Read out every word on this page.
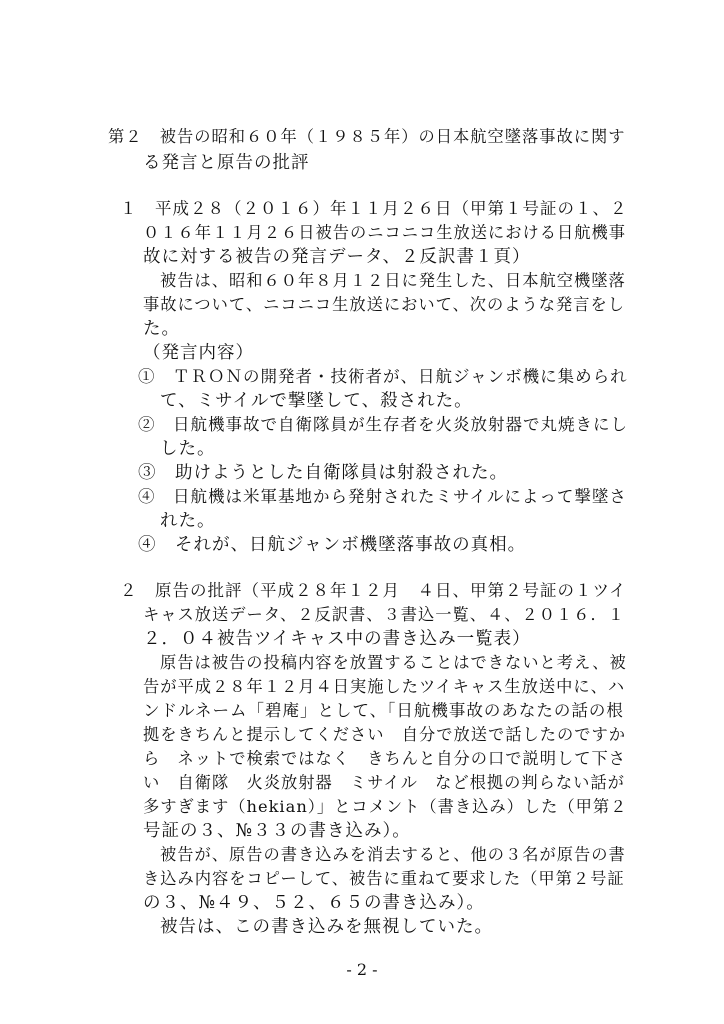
第２　被告の昭和６０年（１９８５年）の日本航空墜落事故に関す
る発言と原告の批評
１　平成２８（２０１６）年１１月２６日（甲第１号証の１、２
０１６年１１月２６日被告のニコニコ生放送における日航機事
故に対する被告の発言データ、２反訳書１頁）
被告は、昭和６０年８月１２日に発生した、日本航空機墜落
事故について、ニコニコ生放送において、次のような発言をし
た。
（発言内容）
①　ＴＲＯＮの開発者・技術者が、日航ジャンボ機に集められ
て、ミサイルで撃墜して、殺された。
②　日航機事故で自衛隊員が生存者を火炎放射器で丸焼きにし
した。
③　助けようとした自衛隊員は射殺された。
④　日航機は米軍基地から発射されたミサイルによって撃墜さ
れた。
④　それが、日航ジャンボ機墜落事故の真相。
２　原告の批評（平成２８年１２月　４日、甲第２号証の１ツイ
キャス放送データ、２反訳書、３書込一覧、４、２０１６．１
２．０４被告ツイキャス中の書き込み一覧表）
原告は被告の投稿内容を放置することはできないと考え、被
告が平成２８年１２月４日実施したツイキャス生放送中に、ハ
ンドルネーム「碧庵」として、「日航機事故のあなたの話の根
拠をきちんと提示してください　自分で放送で話したのですか
ら　ネットで検索ではなく　きちんと自分の口で説明して下さ
い　自衛隊　火炎放射器　ミサイル　など根拠の判らない話が
多すぎます（hekian）」とコメント（書き込み）した（甲第２
号証の３、№３３の書き込み）。
被告が、原告の書き込みを消去すると、他の３名が原告の書
き込み内容をコピーして、被告に重ねて要求した（甲第２号証
の３、№４９、５２、６５の書き込み）。
被告は、この書き込みを無視していた。
- 2 -
